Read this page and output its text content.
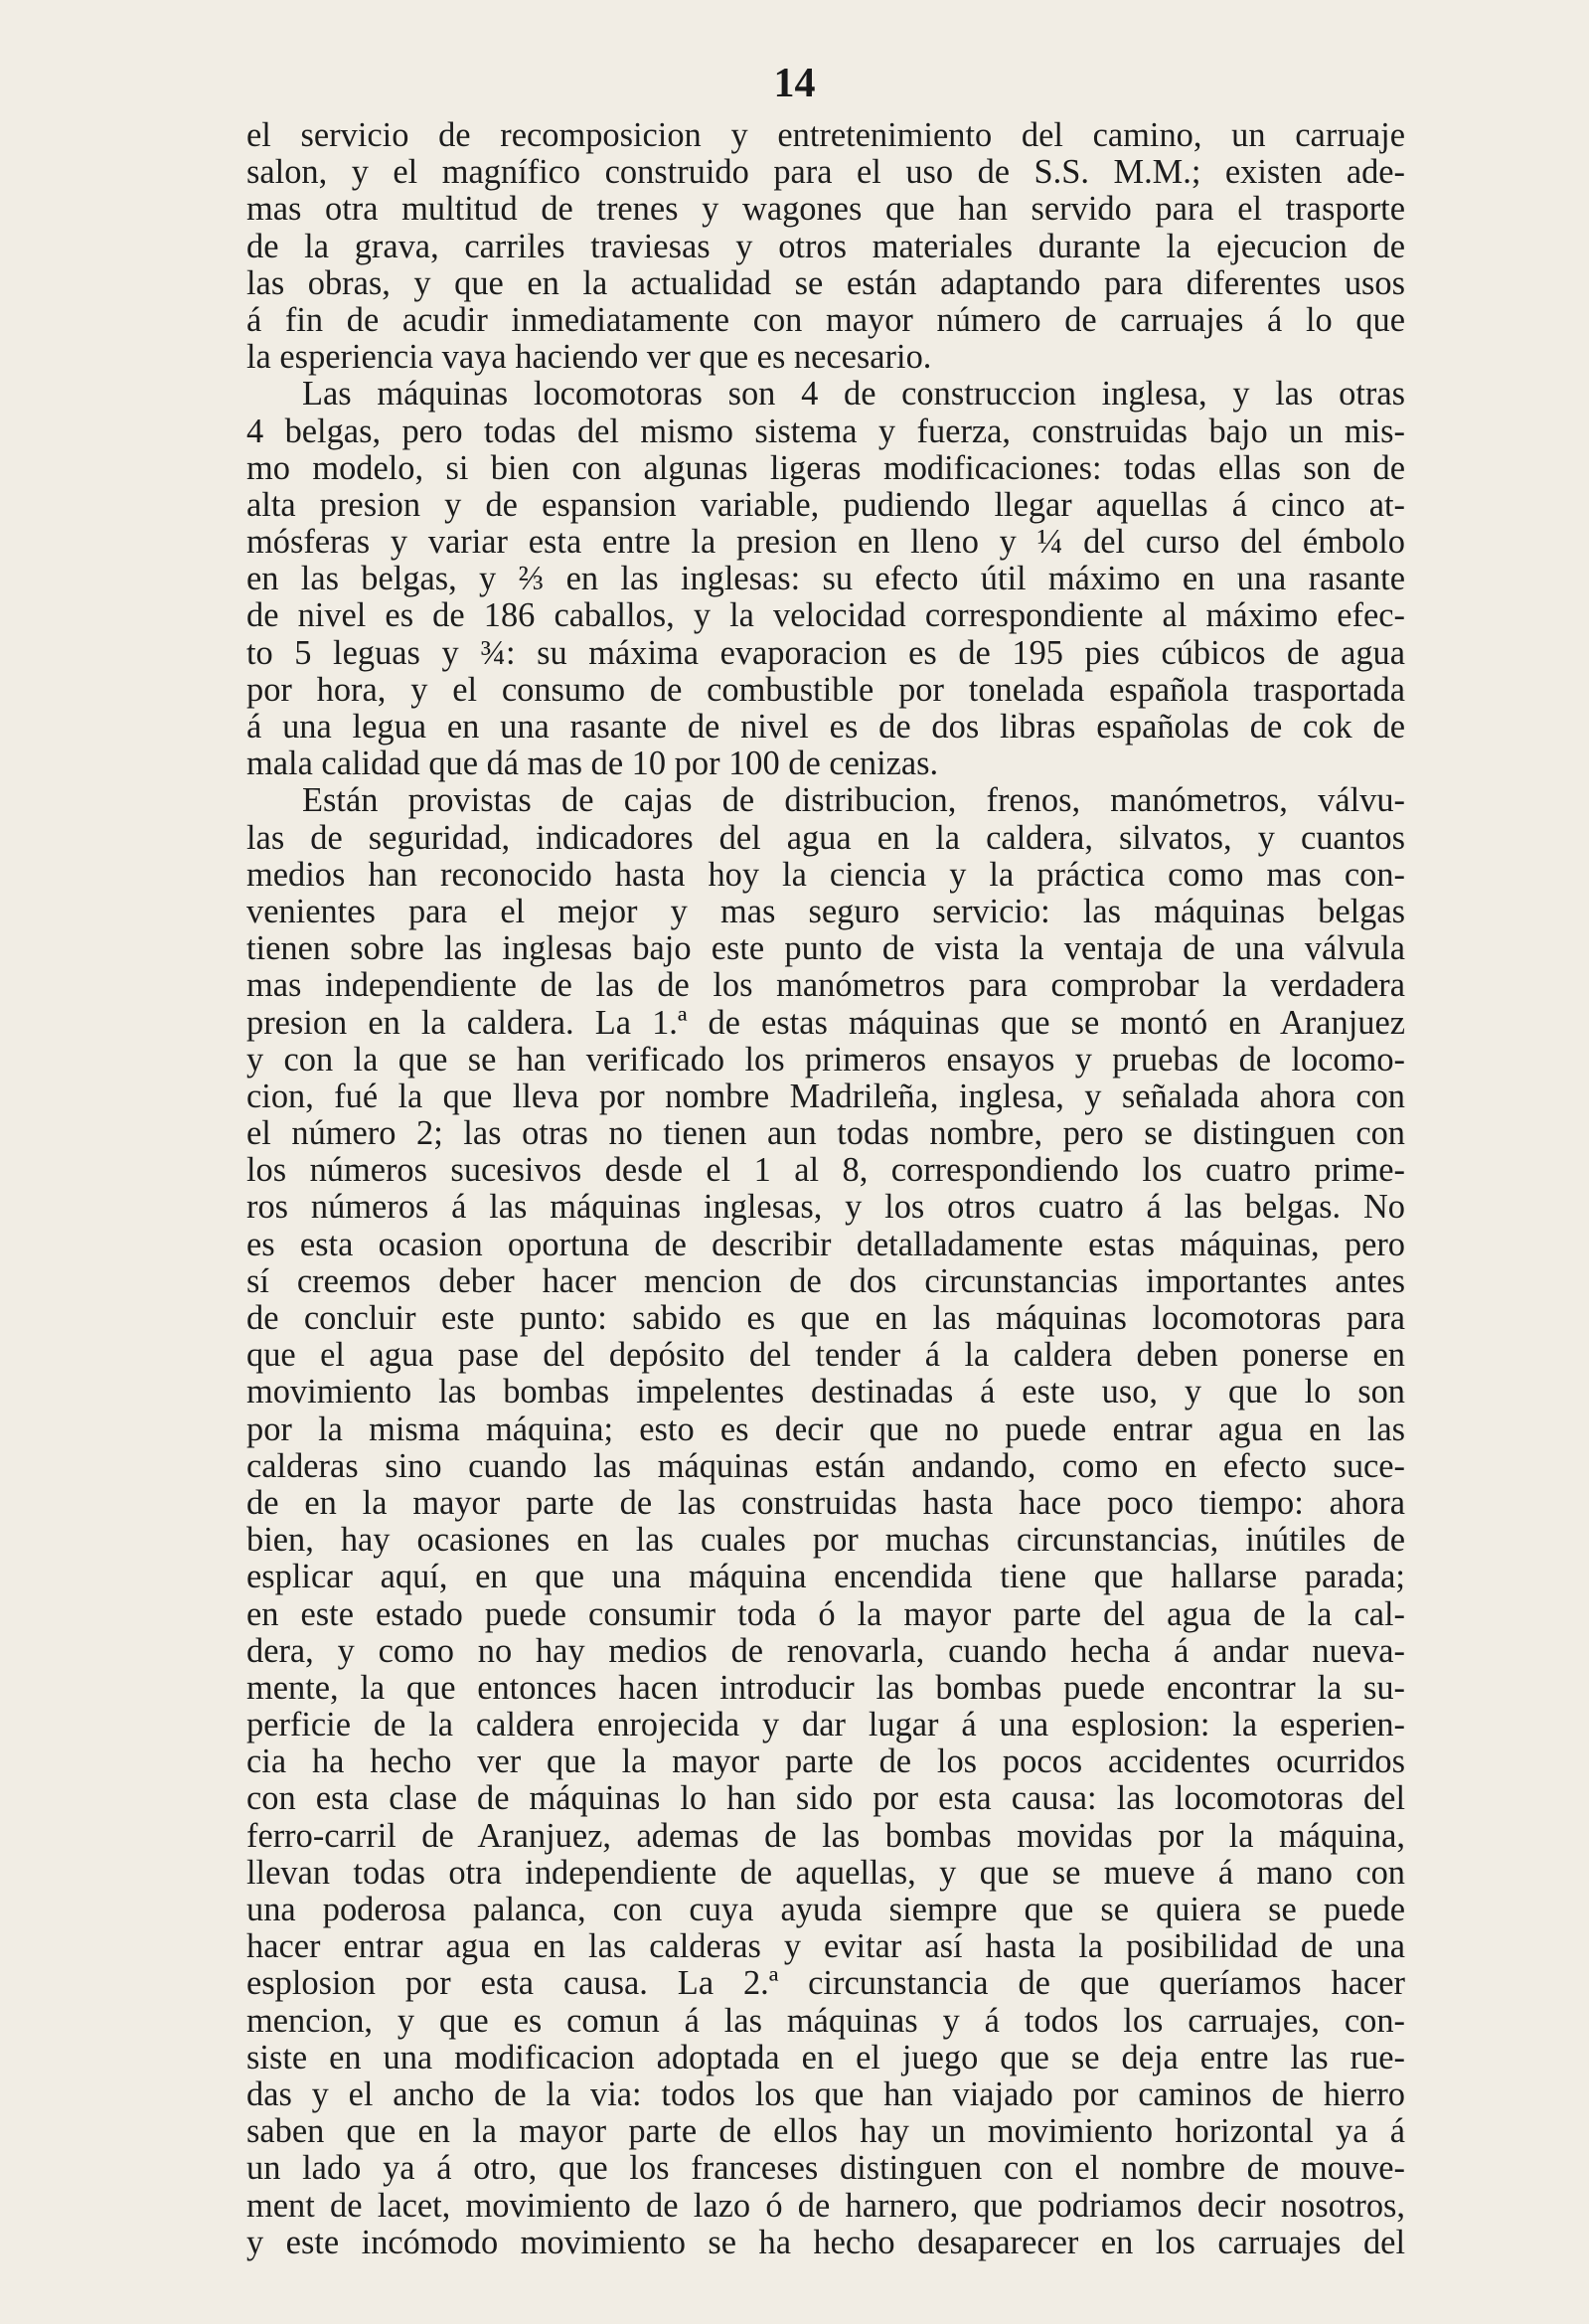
14
el servicio de recomposicion y entretenimiento del camino, un carruaje
salon, y el magnífico construido para el uso de S.S. M.M.; existen ade-
mas otra multitud de trenes y wagones que han servido para el trasporte
de la grava, carriles traviesas y otros materiales durante la ejecucion de
las obras, y que en la actualidad se están adaptando para diferentes usos
á fin de acudir inmediatamente con mayor número de carruajes á lo que
la esperiencia vaya haciendo ver que es necesario.
Las máquinas locomotoras son 4 de construccion inglesa, y las otras
4 belgas, pero todas del mismo sistema y fuerza, construidas bajo un mis-
mo modelo, si bien con algunas ligeras modificaciones: todas ellas son de
alta presion y de espansion variable, pudiendo llegar aquellas á cinco at-
mósferas y variar esta entre la presion en lleno y ¼ del curso del émbolo
en las belgas, y ⅔ en las inglesas: su efecto útil máximo en una rasante
de nivel es de 186 caballos, y la velocidad correspondiente al máximo efec-
to 5 leguas y ¾: su máxima evaporacion es de 195 pies cúbicos de agua
por hora, y el consumo de combustible por tonelada española trasportada
á una legua en una rasante de nivel es de dos libras españolas de cok de
mala calidad que dá mas de 10 por 100 de cenizas.
Están provistas de cajas de distribucion, frenos, manómetros, válvu-
las de seguridad, indicadores del agua en la caldera, silvatos, y cuantos
medios han reconocido hasta hoy la ciencia y la práctica como mas con-
venientes para el mejor y mas seguro servicio: las máquinas belgas
tienen sobre las inglesas bajo este punto de vista la ventaja de una válvula
mas independiente de las de los manómetros para comprobar la verdadera
presion en la caldera. La 1.ª de estas máquinas que se montó en Aranjuez
y con la que se han verificado los primeros ensayos y pruebas de locomo-
cion, fué la que lleva por nombre Madrileña, inglesa, y señalada ahora con
el número 2; las otras no tienen aun todas nombre, pero se distinguen con
los números sucesivos desde el 1 al 8, correspondiendo los cuatro prime-
ros números á las máquinas inglesas, y los otros cuatro á las belgas. No
es esta ocasion oportuna de describir detalladamente estas máquinas, pero
sí creemos deber hacer mencion de dos circunstancias importantes antes
de concluir este punto: sabido es que en las máquinas locomotoras para
que el agua pase del depósito del tender á la caldera deben ponerse en
movimiento las bombas impelentes destinadas á este uso, y que lo son
por la misma máquina; esto es decir que no puede entrar agua en las
calderas sino cuando las máquinas están andando, como en efecto suce-
de en la mayor parte de las construidas hasta hace poco tiempo: ahora
bien, hay ocasiones en las cuales por muchas circunstancias, inútiles de
esplicar aquí, en que una máquina encendida tiene que hallarse parada;
en este estado puede consumir toda ó la mayor parte del agua de la cal-
dera, y como no hay medios de renovarla, cuando hecha á andar nueva-
mente, la que entonces hacen introducir las bombas puede encontrar la su-
perficie de la caldera enrojecida y dar lugar á una esplosion: la esperien-
cia ha hecho ver que la mayor parte de los pocos accidentes ocurridos
con esta clase de máquinas lo han sido por esta causa: las locomotoras del
ferro-carril de Aranjuez, ademas de las bombas movidas por la máquina,
llevan todas otra independiente de aquellas, y que se mueve á mano con
una poderosa palanca, con cuya ayuda siempre que se quiera se puede
hacer entrar agua en las calderas y evitar así hasta la posibilidad de una
esplosion por esta causa. La 2.ª circunstancia de que queríamos hacer
mencion, y que es comun á las máquinas y á todos los carruajes, con-
siste en una modificacion adoptada en el juego que se deja entre las rue-
das y el ancho de la via: todos los que han viajado por caminos de hierro
saben que en la mayor parte de ellos hay un movimiento horizontal ya á
un lado ya á otro, que los franceses distinguen con el nombre de mouve-
ment de lacet, movimiento de lazo ó de harnero, que podriamos decir nosotros,
y este incómodo movimiento se ha hecho desaparecer en los carruajes del
